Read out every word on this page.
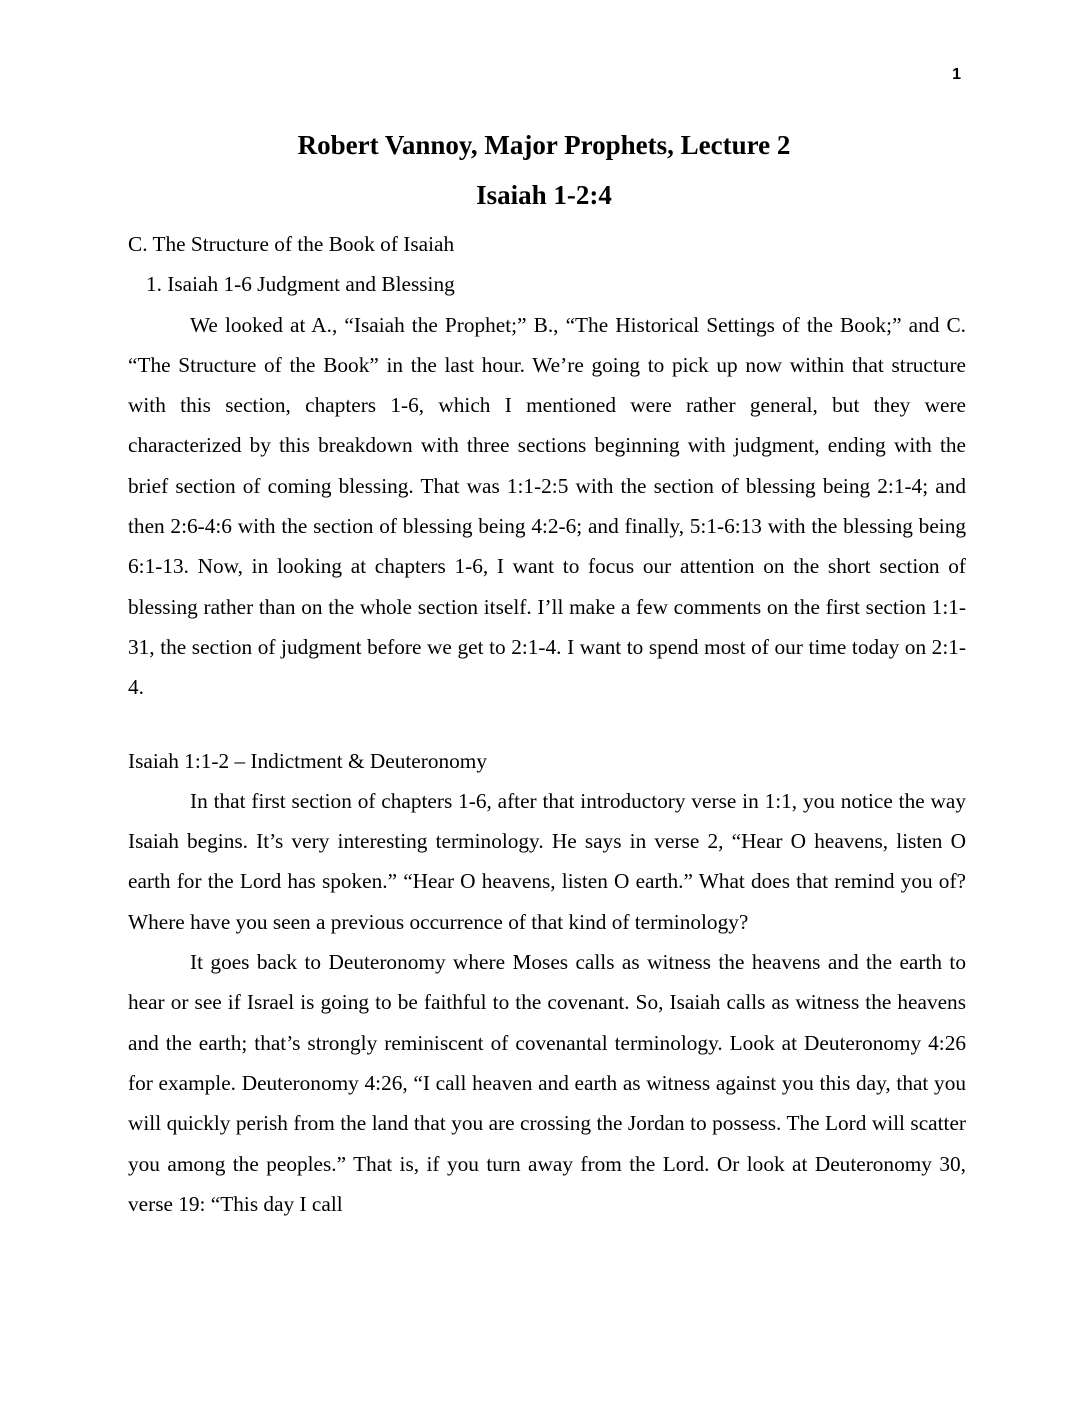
1
Robert Vannoy, Major Prophets, Lecture 2
Isaiah 1-2:4

C. The Structure of the Book of Isaiah

1. Isaiah 1-6 Judgment and Blessing

We looked at A., “Isaiah the Prophet;” B., “The Historical Settings of the Book;” and C. “The Structure of the Book” in the last hour. We’re going to pick up now within that structure with this section, chapters 1-6, which I mentioned were rather general, but they were characterized by this breakdown with three sections beginning with judgment, ending with the brief section of coming blessing. That was 1:1-2:5 with the section of blessing being 2:1-4; and then 2:6-4:6 with the section of blessing being 4:2-6; and finally, 5:1-6:13 with the blessing being 6:1-13. Now, in looking at chapters 1-6, I want to focus our attention on the short section of blessing rather than on the whole section itself. I’ll make a few comments on the first section 1:1-31, the section of judgment before we get to 2:1-4. I want to spend most of our time today on 2:1-4.

Isaiah 1:1-2 – Indictment & Deuteronomy

In that first section of chapters 1-6, after that introductory verse in 1:1, you notice the way Isaiah begins. It’s very interesting terminology. He says in verse 2, “Hear O heavens, listen O earth for the Lord has spoken.” “Hear O heavens, listen O earth.” What does that remind you of? Where have you seen a previous occurrence of that kind of terminology?

It goes back to Deuteronomy where Moses calls as witness the heavens and the earth to hear or see if Israel is going to be faithful to the covenant. So, Isaiah calls as witness the heavens and the earth; that’s strongly reminiscent of covenantal terminology. Look at Deuteronomy 4:26 for example. Deuteronomy 4:26, “I call heaven and earth as witness against you this day, that you will quickly perish from the land that you are crossing the Jordan to possess. The Lord will scatter you among the peoples.” That is, if you turn away from the Lord. Or look at Deuteronomy 30, verse 19: “This day I call
